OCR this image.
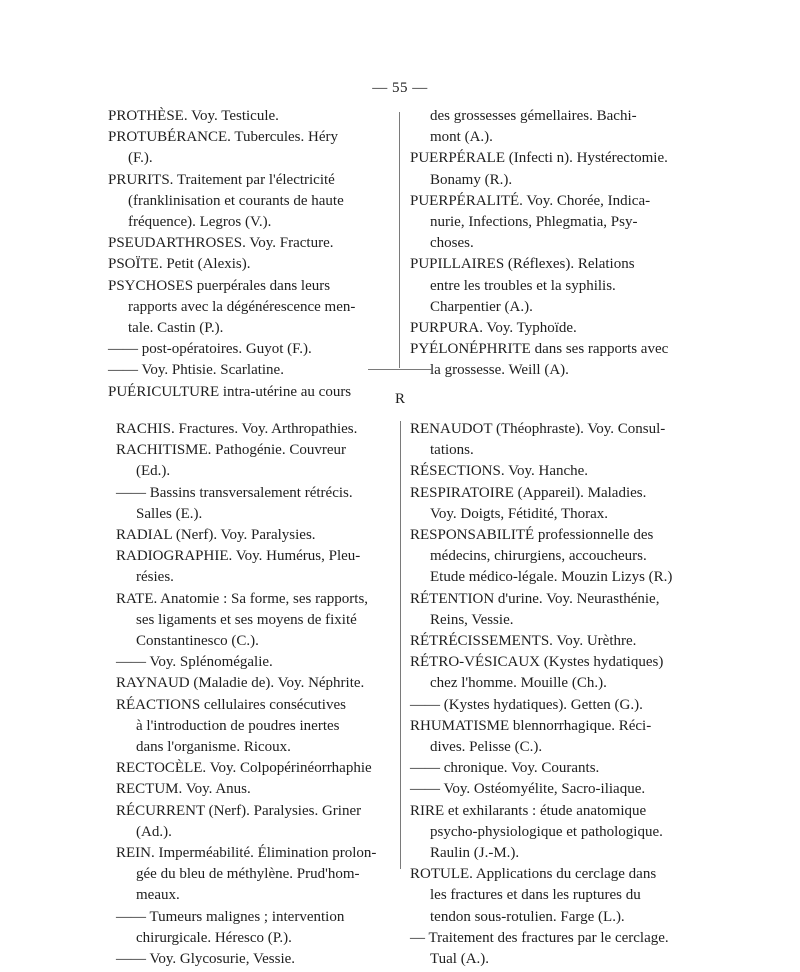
— 55 —
PROTHÈSE. Voy. Testicule.
PROTUBÉRANCE. Tubercules. Héry
(F.).
PRURITS. Traitement par l'électricité
(franklinisation et courants de haute
fréquence). Legros (V.).
PSEUDARTHROSES. Voy. Fracture.
PSOÏTE. Petit (Alexis).
PSYCHOSES puerpérales dans leurs
rapports avec la dégénérescence men-
tale. Castin (P.).
—— post-opératoires. Guyot (F.).
—— Voy. Phtisie. Scarlatine.
PUÉRICULTURE intra-utérine au cours
des grossesses gémellaires. Bachi-
mont (A.).
PUERPÉRALE (Infecti n). Hystérectomie.
Bonamy (R.).
PUERPÉRALITÉ. Voy. Chorée, Indica-
nurie, Infections, Phlegmatia, Psy-
choses.
PUPILLAIRES (Réflexes). Relations
entre les troubles et la syphilis.
Charpentier (A.).
PURPURA. Voy. Typhoïde.
PYÉLONÉPHRITE dans ses rapports avec
la grossesse. Weill (A).
R
RACHIS. Fractures. Voy. Arthropathies.
RACHITISME. Pathogénie. Couvreur
(Ed.).
—— Bassins transversalement rétrécis.
Salles (E.).
RADIAL (Nerf). Voy. Paralysies.
RADIOGRAPHIE. Voy. Humérus, Pleu-
résies.
RATE. Anatomie : Sa forme, ses rapports,
ses ligaments et ses moyens de fixité
Constantinesco (C.).
—— Voy. Splénomégalie.
RAYNAUD (Maladie de). Voy. Néphrite.
RÉACTIONS cellulaires consécutives
à l'introduction de poudres inertes
dans l'organisme. Ricoux.
RECTOCÈLE. Voy. Colpopérinéorrhaphie
RECTUM. Voy. Anus.
RÉCURRENT (Nerf). Paralysies. Griner
(Ad.).
REIN. Imperméabilité. Élimination prolon-
gée du bleu de méthylène. Prud'hom-
meaux.
—— Tumeurs malignes ; intervention
chirurgicale. Héresco (P.).
—— Voy. Glycosurie, Vessie.
RENAUDOT (Théophraste). Voy. Consul-
tations.
RÉSECTIONS. Voy. Hanche.
RESPIRATOIRE (Appareil). Maladies.
Voy. Doigts, Fétidité, Thorax.
RESPONSABILITÉ professionnelle des
médecins, chirurgiens, accoucheurs.
Etude médico-légale. Mouzin Lizys (R.)
RÉTENTION d'urine. Voy. Neurasthénie,
Reins, Vessie.
RÉTRÉCISSEMENTS. Voy. Urèthre.
RÉTRO-VÉSICAUX (Kystes hydatiques)
chez l'homme. Mouille (Ch.).
—— (Kystes hydatiques). Getten (G.).
RHUMATISME blennorrhagique. Réci-
dives. Pelisse (C.).
—— chronique. Voy. Courants.
—— Voy. Ostéomyélite, Sacro-iliaque.
RIRE et exhilarants : étude anatomique
psycho-physiologique et pathologique.
Raulin (J.-M.).
ROTULE. Applications du cerclage dans
les fractures et dans les ruptures du
tendon sous-rotulien. Farge (L.).
— Traitement des fractures par le cerclage.
Tual (A.).
